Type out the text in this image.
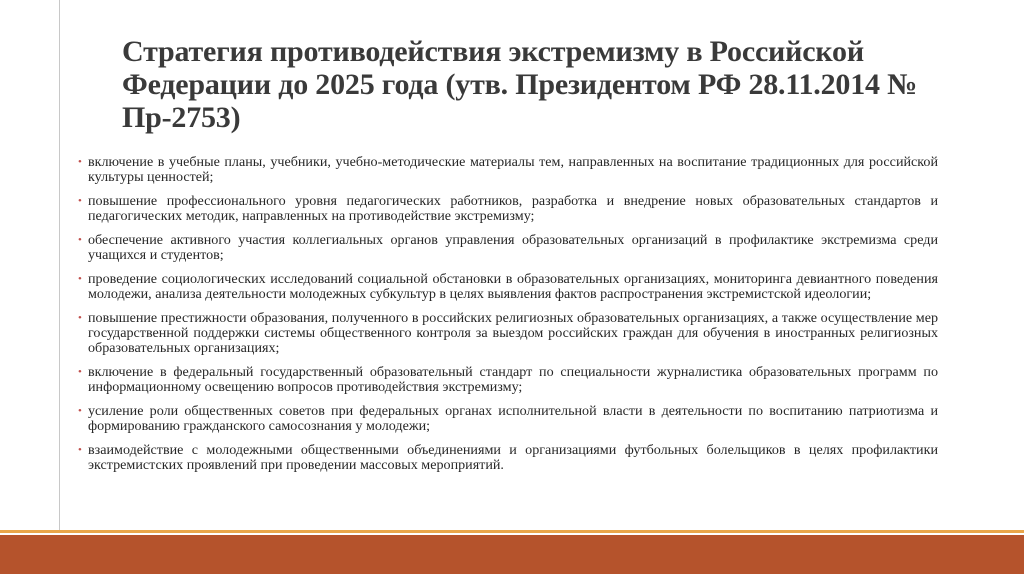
Стратегия противодействия экстремизму в Российской Федерации до 2025 года (утв. Президентом РФ 28.11.2014 № Пр-2753)
• включение в учебные планы, учебники, учебно-методические материалы тем, направленных на воспитание традиционных для российской культуры ценностей;
• повышение профессионального уровня педагогических работников, разработка и внедрение новых образовательных стандартов и педагогических методик, направленных на противодействие экстремизму;
• обеспечение активного участия коллегиальных органов управления образовательных организаций в профилактике экстремизма среди учащихся и студентов;
• проведение социологических исследований социальной обстановки в образовательных организациях, мониторинга девиантного поведения молодежи, анализа деятельности молодежных субкультур в целях выявления фактов распространения экстремистской идеологии;
• повышение престижности образования, полученного в российских религиозных образовательных организациях, а также осуществление мер государственной поддержки системы общественного контроля за выездом российских граждан для обучения в иностранных религиозных образовательных организациях;
• включение в федеральный государственный образовательный стандарт по специальности журналистика образовательных программ по информационному освещению вопросов противодействия экстремизму;
• усиление роли общественных советов при федеральных органах исполнительной власти в деятельности по воспитанию патриотизма и формированию гражданского самосознания у молодежи;
• взаимодействие с молодежными общественными объединениями и организациями футбольных болельщиков в целях профилактики экстремистских проявлений при проведении массовых мероприятий.
